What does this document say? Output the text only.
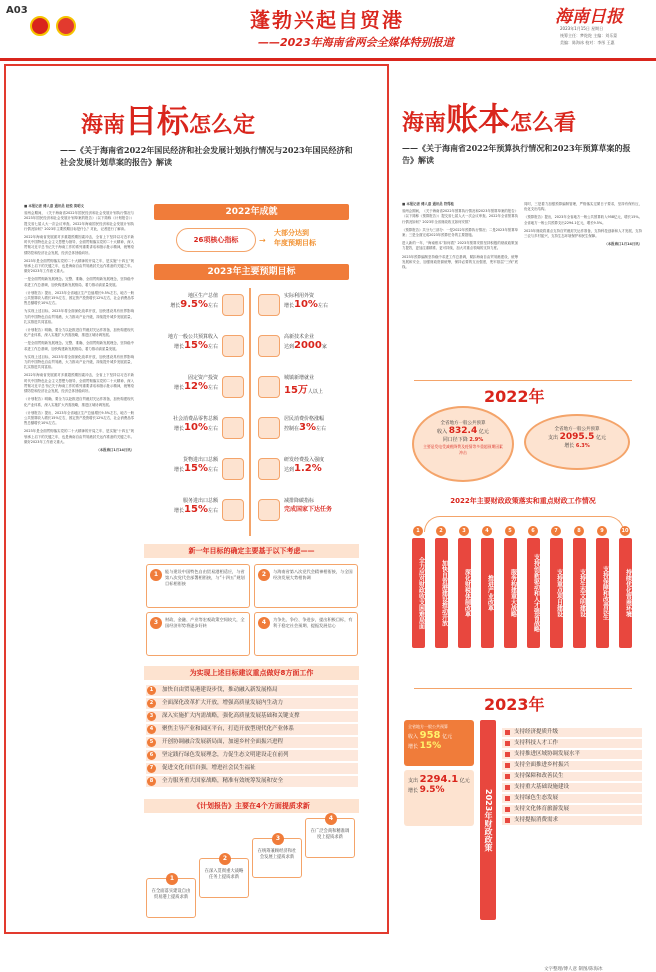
A03	蓬勃兴起自贸港
——2023年海南省两会全媒体特别报道
海南日报
2023年1月15日 星期日
统筹主任：梦陀陀 主编：刘乐蒙
美编：陈海冰 校对：李彤 王惠
海南目标怎么定
——《关于海南省2022年国民经济和社会发展计划执行情况与2023年国民经济和社会发展计划草案的报告》解读
■ 本报记者 傅人意 通讯员 赵悦 莫明文

省两会期间，《关于海南省2022年国民经济和社会发展计划执行情况与2023年国民经济和社会发展计划草案的报告》（以下简称《计划报告》）提交省七届人大一次会议审查。2022年海南国民经济和社会发展计划执行情况如何？2023年主要预期目标是什么？对此，记者进行了解读。

2022年海南省发展面对多重超预期因素冲击，全省上下坚持以习近平新时代中国特色社会主义思想为指导，全面贯彻落实党的二十大精神，深入贯彻习近平总书记关于海南工作的系列重要讲话和指示批示精神，统筹疫情防控和经济社会发展，经济总体回稳向好。

2023年是全面贯彻落实党的二十大精神的开局之年，是实施“十四五”规划承上启下的关键之年，也是海南自由贸易港封关运作准备的关键之年。做好2023年工作意义重大。

一是全面贯彻新发展理念。完整、准确、全面贯彻新发展理念，坚持稳中求进工作总基调，加快构建新发展格局，着力推动高质量发展。

《计划报告》提出，2023年全省地区生产总值增长9.5%左右，地方一般公共预算收入增长15%左右，固定资产投资增长12%左右，社会消费品零售总额增长10%左右。

为实现上述目标，2023年将全面深化改革开放，加快建设具有世界影响力的中国特色自由贸易港，大力推动产业升级，持续提升城乡发展质量，扎实推进共同富裕。

《计划报告》明确，要全力以赴推进自贸港封关运作准备，加快构建现代化产业体系，深入实施扩大内需战略，推进区域协调发展。

一是全面贯彻新发展理念。完整、准确、全面贯彻新发展理念，坚持稳中求进工作总基调，加快构建新发展格局，着力推动高质量发展。

为实现上述目标，2023年将全面深化改革开放，加快建设具有世界影响力的中国特色自由贸易港，大力推动产业升级，持续提升城乡发展质量，扎实推进共同富裕。

2022年海南省发展面对多重超预期因素冲击，全省上下坚持以习近平新时代中国特色社会主义思想为指导，全面贯彻落实党的二十大精神，深入贯彻习近平总书记关于海南工作的系列重要讲话和指示批示精神，统筹疫情防控和经济社会发展，经济总体回稳向好。

《计划报告》明确，要全力以赴推进自贸港封关运作准备，加快构建现代化产业体系，深入实施扩大内需战略，推进区域协调发展。

《计划报告》提出，2023年全省地区生产总值增长9.5%左右，地方一般公共预算收入增长15%左右，固定资产投资增长12%左右，社会消费品零售总额增长10%左右。

2023年是全面贯彻落实党的二十大精神的开局之年，是实施“十四五”规划承上启下的关键之年，也是海南自由贸易港封关运作准备的关键之年。做好2023年工作意义重大。

（本报海口1月14日讯）

2022年成就
26项核心指标	→
大部分达到
年度预期目标
2023年主要预期目标
地区生产总值
增长9.5%左右
地方一般公共预算收入
增长15%左右
固定资产投资
增长12%左右
社会消费品零售总额
增长10%左右
货物进出口总额
增长15%左右
服务进出口总额
增长15%左右
实际利用外资
增长10%左右
高新技术企业
达到2000家
城镇新增就业
15万人以上
居民消费价格涨幅
控制在3%左右
研发经费投入强度
达到1.2%
减排降碳指标
完成国家下达任务
新一年目标的确定主要基于以下考虑——
1	能与建设中国特色自由贸易港相适应，与省第八次党代会部署相衔接，与“十四五”规划目标相衔接
2	与海南省第八次党代会精神相衔接，与全国经济发展大势相协调
3	财政、金融、产业等宏观政策空间较大，全国经济形势将逐步好转	4	为争先、争位、争进步，提出积极目标，有利于稳定社会预期、提振发展信心
为实现上述目标建议重点做好8方面工作
1	加快自由贸易港建设步伐，推动融入新发展格局
2	全面深化改革扩大开放，增强高质量发展内生动力
3	深入实施扩大内需战略，强化高质量发展基础和关键支撑
4	聚焦主导产业和园区平台，打造开放型现代化产业体系
5	开创协调融合发展新局面，加速乡村全面振兴进程
6	坚定践行绿色发展理念，力促生态文明建设走在前列
7	促进文化自信自强，增进社会民生福祉
8	全力服务重大国家战略，精准有效统筹发展和安全
《计划报告》主要在4个方面提质求新
1
在全面落实建设自由贸易港上提质求新
2
在深入贯彻重大战略任务上提质求新
3
在统筹兼顾经济和社会发展上提质求新
4
在广泛会商和精准调度上提质求新
海南账本怎么看
——《关于海南省2022年预算执行情况和2023年预算草案的报告》解读
■ 本报记者 傅人意 通讯员 符得桂

省两会期间，《关于海南省2022年预算执行情况和2023年预算草案的报告》（以下简称《预算报告》）提交省七届人大一次会议审查。2022年全省预算执行情况如何？2023年全省财政收支如何安排？

《预算报告》共分为三部分：一是2022年预算执行情况；二是2023年预算草案；三是全面完成2023年预算任务的主要措施。

进入新的一年，“海南账本”如何看？2023年预算安排坚持积极的财政政策加力提效，更加注重精准、更可持续，加大对重点领域的支持力度。

2023年预算编制坚持稳中求进工作总基调，紧扣海南自由贸易港建设，统筹发展和安全，加强财政资源统筹，保持必要的支出强度，兜牢基层“三保”底线。

同时，三是着力加强预算编制管理，严格落实过紧日子要求，坚持有保有压，优化支出结构。

《预算报告》提出，2023年全省地方一般公共预算收入958亿元，增长15%。全省地方一般公共预算支出2294.1亿元，增长9.5%。

2023年财政将重点支持自贸港封关运作准备，支持科技创新和人才发展，支持三农与乡村振兴，支持生态环境保护和民生保障。

（本报海口1月14日讯）

2022年
全省地方一般公共预算
收入 832.4 亿元
同口径下降 2.9%
主要是发电受减税降费及疫情等多重超预期因素冲击
全省地方一般公共预算
支出 2095.5 亿元
增长 6.3%
2022年主要财政政策落实和重点财政工作情况
1
全力应对财政收支困难局面
2
加快自贸港建设推动开放
3
深化财税体制改革
4
推进产业改革
5
服务构建重大战略
6
支持创新驱动和人才强省战略
7
支持重点项目建设
8
支持生态文明建设
9
支持保障和改善民生
10
持续优化营商环境
2023年
全省地方一般公共预算
收入 958 亿元
增长 15%
支出 2294.1 亿元
增长 9.5%	2023年财政政策
支持经济提质升级
支持科技人才工作
支持推进区域协调发展水平
支持全面推进乡村振兴
支持保障和改善民生
支持重大基础设施建设
支持绿色生态发展
支持文化体育旅游发展
支持提振消费需求
文字整理/傅人意 制图/陈海冰
